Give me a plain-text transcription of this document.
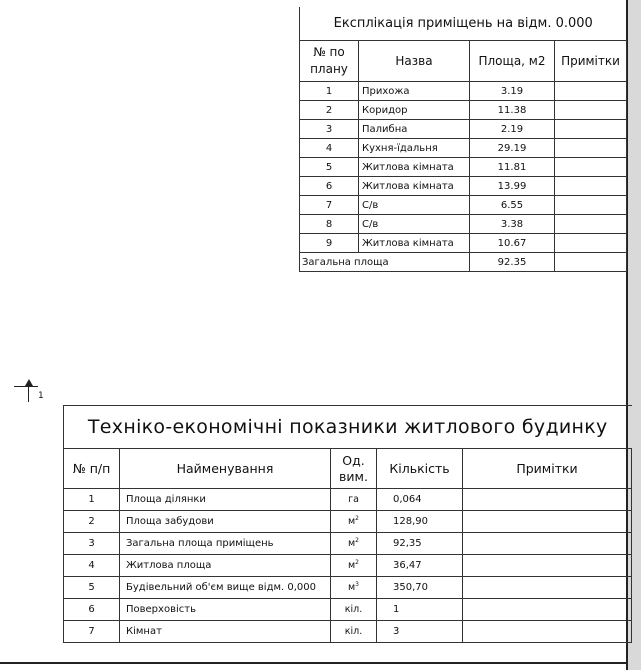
Експлікація приміщень на відм. 0.000			
№ по плану	Назва	Площа, м2	Примітки
1	Прихожа	3.19	
2	Коридор	11.38	
3	Палибна	2.19	
4	Кухня-їдальня	29.19	
5	Житлова кімната	11.81	
6	Житлова кімната	13.99	
7	С/в	6.55	
8	С/в	3.38	
9	Житлова кімната	10.67	
Загальна площа		92.35	
1
Техніко-економічні показники житлового будинку				
№ п/п	Найменування	Од. вим.	Кількість	Примітки
1	Площа ділянки	га	0,064	
2	Площа забудови	$м^2$	128,90	
3	Загальна площа приміщень	$м^2$	92,35	
4	Житлова площа	$м^2$	36,47	
5	Будівельний об'єм вище відм. 0,000	$м^3$	350,70	
6	Поверховість	кіл.	1	
7	Кімнат	кіл.	3	
